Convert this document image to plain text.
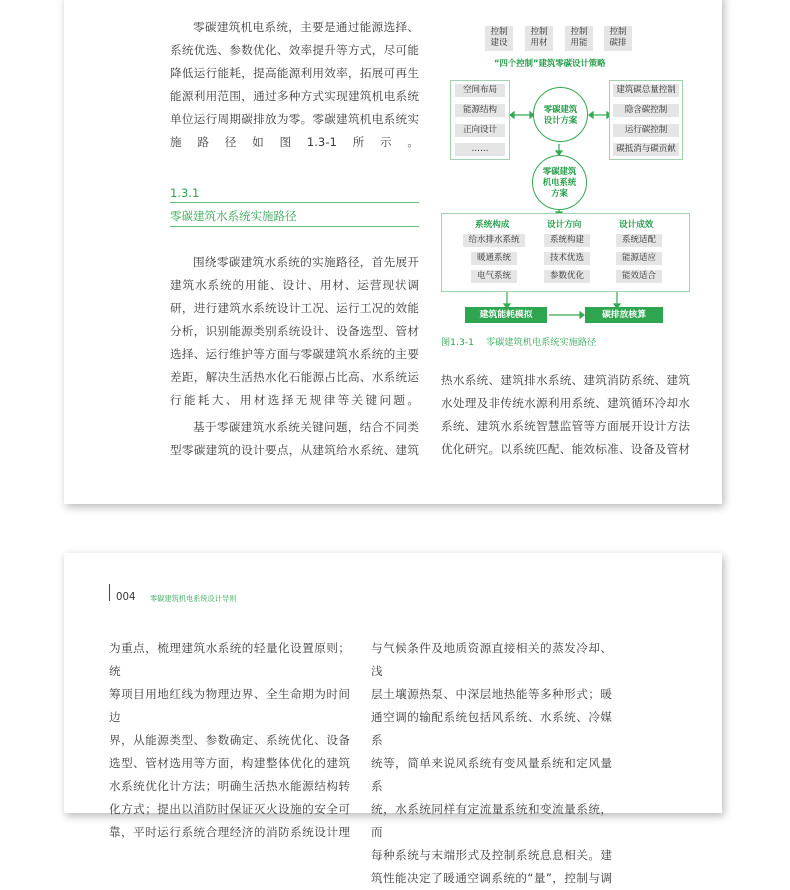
零碳建筑机电系统，主要是通过能源选择、
系统优选、参数优化、效率提升等方式，尽可能
降低运行能耗，提高能源利用效率，拓展可再生
能源利用范围，通过多种方式实现建筑机电系统
单位运行周期碳排放为零。零碳建筑机电系统实
施路径如图1.3-1所示。

1.3.1
零碳建筑水系统实施路径

围绕零碳建筑水系统的实施路径，首先展开
建筑水系统的用能、设计、用材、运营现状调
研，进行建筑水系统设计工况、运行工况的效能
分析，识别能源类别系统设计、设备选型、管材
选择、运行维护等方面与零碳建筑水系统的主要
差距，解决生活热水化石能源占比高、水系统运
行能耗大、用材选择无规律等关键问题。

基于零碳建筑水系统关键问题，结合不同类
型零碳建筑的设计要点，从建筑给水系统、建筑

热水系统、建筑排水系统、建筑消防系统、建筑
水处理及非传统水源利用系统、建筑循环冷却水
系统、建筑水系统智慧监管等方面展开设计方法
优化研究。以系统匹配、能效标准、设备及管材

控制
建设
控制
用材
控制
用能
控制
碳排
“四个控制”建筑零碳设计策略
空间布局
能源结构
正向设计
……
零碳建筑
设计方案
零碳建筑
机电系统
方案
建筑碳总量控制
隐含碳控制
运行碳控制
碳抵消与碳贡献
系统构成	设计方向	设计成效
给水排水系统
暖通系统
电气系统
系统构建
技术优选
参数优化
系统适配
能源适应
能效适合
建筑能耗模拟	碳排放核算
图1.3-1 零碳建筑机电系统实施路径
004 零碳建筑机电系统设计导则

为重点，梳理建筑水系统的轻量化设置原则；统
筹项目用地红线为物理边界、全生命期为时间边
界，从能源类型、参数确定、系统优化、设备
选型、管材选用等方面，构建整体优化的建筑
水系统优化计方法；明确生活热水能源结构转
化方式；提出以消防时保证灭火设施的安全可
靠，平时运行系统合理经济的消防系统设计理

与气候条件及地质资源直接相关的蒸发冷却、浅
层土壤源热泵、中深层地热能等多种形式；暖
通空调的输配系统包括风系统、水系统、冷媒系
统等，简单来说风系统有变风量系统和定风量系
统，水系统同样有定流量系统和变流量系统，而
每种系统与末端形式及控制系统息息相关。建
筑性能决定了暖通空调系统的“量”，控制与调
